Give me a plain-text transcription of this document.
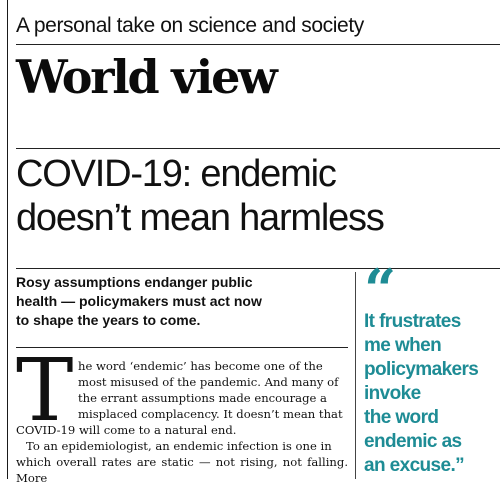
A personal take on science and society
World view
COVID-19: endemic
doesn’t mean harmless
Rosy assumptions endanger public
health — policymakers must act now
to shape the years to come.
T he word ‘endemic’ has become one of the
most misused of the pandemic. And many of
the errant assumptions made encourage a
misplaced complacency. It doesn’t mean that
COVID-19 will come to a natural end.
To an epidemiologist, an endemic infection is one in
which overall rates are static — not rising, not falling. More
“
It frustrates
me when
policymakers
invoke
the word
endemic as
an excuse.”
